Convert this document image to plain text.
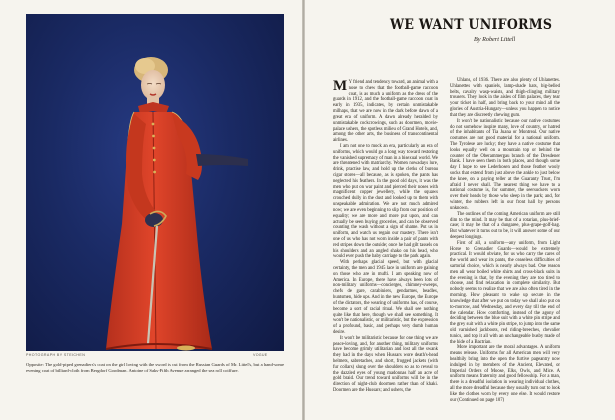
PHOTOGRAPH BY STEICHEN	VOGUE

Opposite: The gold-piped grenadiers's coat on the girl loving with the sword is cut from the Russian Guards of Mr. Littel's, but a hand-some evening coat of billiard-cloth from Bergdorf Goodman. Antoine of Saks-Fifth Avenue arranged the sea roll coiffure.

WE WANT UNIFORMS
By Robert Littell

M Y friend and tendency toward, an animal with a nose to chew that the football-game raccoon coat, is as much a uniform as the dress of the guards in 1912, and the football-game raccoon coat in early in 1935, indicates, by certain unmistakable milhaps, that we are now in the dark before dawn of a great era of uniform. A dawn already heralded by unmistakable cockcrowings, such as doormen, movie-palace ushers, the spotless milieu of Grand Hotels, and, among the other arts, the business of transcontinental airlines.

I am not one to mock an era, particularly an era of uniforms, which would go a long way toward restoring the vanished supremacy of man in a bisexual world. We are threatened with matriarchy. Women nowadays lure, drink, practise law, and hold up the clerks of bureau cigar stores—all because, as is spoken, the pants has neglected his feathers. In the good old days, it was the men who put on war paint and pierced their noses with magnificent copper jewellery, while the squaws crouched dully in the dust and looked up to them with unspeakable admiration. We are not much admired now; we are even beginning to slip from our position of equality; we are more and more put upon, and can actually be seen buying groceries, and can be observed counting the wash without a sign of shame. Put us in uniform, and watch us regain our mastery. There isn't one of us who has not worn inside a pair of pants with red stripes down the outside; once he had gilt tassels on his shoulders and an angled shako on his head, who would ever push the baby carriage to the park again.

With perhaps glacial speed, but with glacial certainty, the men and 1945 lace in uniform are gaining on those who are in mufti. I am speaking now of America. In Europe, there have always been lots of non-military uniforms—concierges, chimney-sweeps, chefs de gare, carabiniers, gendarmes, beadles, huntsmen, hide ups. And in the new Europe, the Europe of the dictators, the wearing of uniforms has, of course, become a sort of racial ritual. We shall see nothing quite like that here, though we shall see something. It won't be nationalistic, or militaristic, but the expression of a profound, basic, and perhaps very dumb human desire.

It won't be militaristic because for one thing we are peace-loving, and, for another thing, military uniforms have become grimly utilitarian and lost all the swank they had in the days when Hussars wore death's-head helmets, sabretaches, and short, frogged jackets (with fur collars) slung over the shoulders so as to reveal to the dazzled eyes of young madonnas half an acre of gold braid. Our trend toward uniforms will be in the direction of night-club doormen rather than of khaki. Doormen are the Hussars; and ushers, the

Uhlans, of 1936. There are also plenty of Uhlanettes. Uhlanettes with spaniels, lamp-shade hats, big-belled belts, cavalry wasp-waists, and thigh-clinging military trousers. They look in the aisles of film palaces, they tear your ticket in half, and bring back to your mind all the glories of Austria-Hungary—unless you happen to notice that they are discreetly chewing gum.

It won't be nationalistic because our native costumes do not somehow inspire many, love of country, or hatred of the inhabitants of Tia Juana or Montreal. Our native costumes are not good material for a national uniform. The Tyrolese are lucky; they have a native costume that looks equally well on a mountain top or behind the counter of the Oberammergau branch of the Dresdener Bank. I have seen them in both places, and though some day I hope to see Lederhosen and those feather wooly socks that extend from just above the ankle to just below the knee, on a paying teller at the Guaranty Trust, I'm afraid I never shall. The nearest thing we have to a national costume is, for summer, the seersuckers worn over their heads by those who sleep in the park; and, for winter, the rubbers left in our front hall by persons unknown.

The outlines of the coming American uniform are still dim to the mind. It may be that of a rotarian, plus-brief-case; it may be that of a dungaree, plus-grape-golf-bag. But whatever it turns out to be, it will answer some of our deepest longings.

First of all, a uniform—any uniform, from Light Horse to Grenadier Guards—would be extremely practical. It would obviate, for us who carry the cares of the world and wear its pants, the ceaseless difficulties of sartorial choice, which is nearly always bad. One reason men all wear boiled white shirts and cross-black suits in the evening is that, by the evening they are too tired to choose, and find relaxation in complete similarity. But nobody seems to realize that we are also often tired in the morning. How pleasant to wake up secure in the knowledge that after we put on today we shall also put on to-morrow, and Wednesday, and every day till the end of the calendar. How comforting, instead of the agony of deciding between the blue suit with a white pin stripe and the grey suit with a white pin stripe, to jump into the same old varnished jackboots, red riding-breeches, chevalier tunics, and top it all with an unchangeable busby made of the hide of a Bactrian.

More important are the moral advantages. A uniform means release. Uniforms for all American men will very healthily bring into the open the furtive pageantry now indulged in by members of the Ancient, Elevated, or Imperial Orders of Moose, Elks, Owls, and Mice. A uniform means fraternity and good fellowship. For a man, there is a dreadful isolation in wearing individual clothes, all the more dreadful because they usually turn out to look like the clothes worn by every one else. It would restore our (Continued on page 107)
